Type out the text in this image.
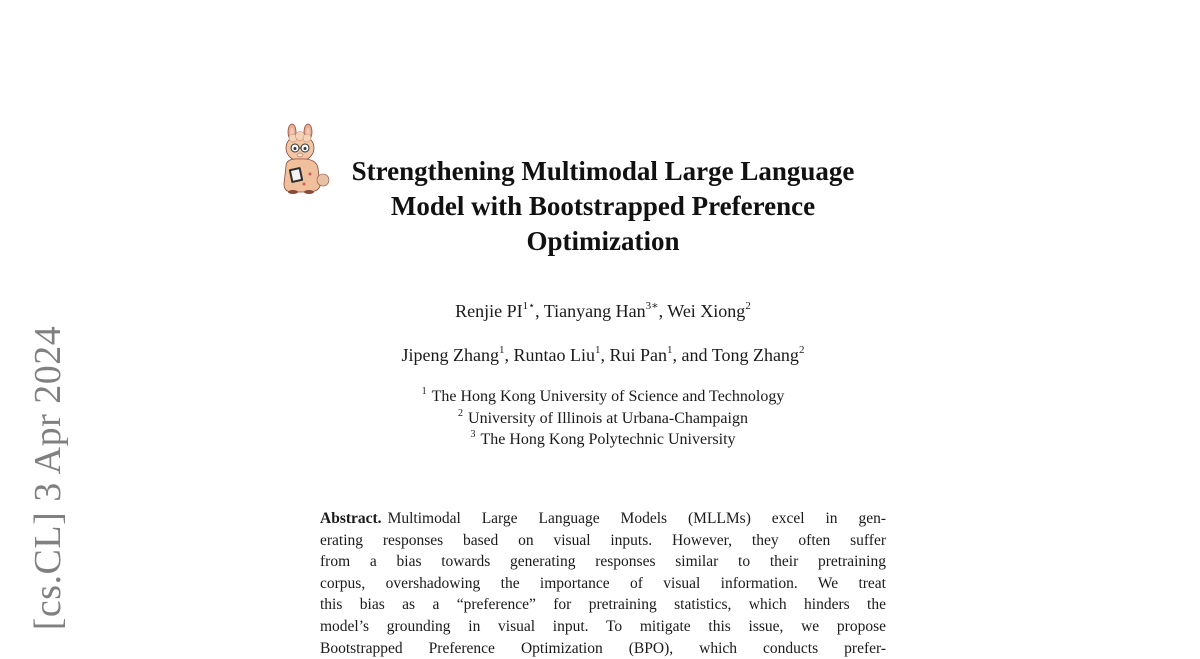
[cs.CL] 3 Apr 2024
Strengthening Multimodal Large Language Model with Bootstrapped Preference Optimization
Renjie $PI^{1⋆}$, Tianyang Han$^{3∗}$, Wei Xiong$^2$
Jipeng Zhang$^1$, Runtao Liu$^1$, Rui Pan$^1$, and Tong Zhang$^2$
$^1$ The Hong Kong University of Science and Technology
$^2$ University of Illinois at Urbana-Champaign
$^3$ The Hong Kong Polytechnic University
Abstract. Multimodal Large Language Models (MLLMs) excel in gen-
erating responses based on visual inputs. However, they often suffer
from a bias towards generating responses similar to their pretraining
corpus, overshadowing the importance of visual information. We treat
this bias as a “preference” for pretraining statistics, which hinders the
model’s grounding in visual input. To mitigate this issue, we propose
Bootstrapped Preference Optimization (BPO), which conducts prefer-
